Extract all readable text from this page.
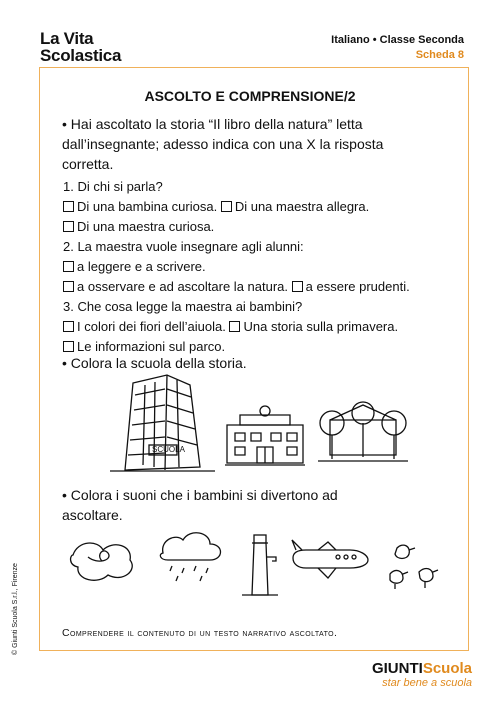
La Vita
Scolastica
Italiano • Classe Seconda
Scheda 8
ASCOLTO E COMPRENSIONE/2
• Hai ascoltato la storia “Il libro della natura” letta
dall’insegnante; adesso indica con una X la risposta
corretta.
1. Di chi si parla?
Di una bambina curiosa. Di una maestra allegra.
Di una maestra curiosa.
2. La maestra vuole insegnare agli alunni:
a leggere e a scrivere.
a osservare e ad ascoltare la natura. a essere prudenti.
3. Che cosa legge la maestra ai bambini?
I colori dei fiori dell’aiuola. Una storia sulla primavera.
Le informazioni sul parco.
• Colora la scuola della storia.
SCUOLA
• Colora i suoni che i bambini si divertono ad
ascoltare.
Comprendere il contenuto di un testo narrativo ascoltato.
© Giunti Scuola S.r.l., Firenze
GIUNTIScuola
star bene a scuola
